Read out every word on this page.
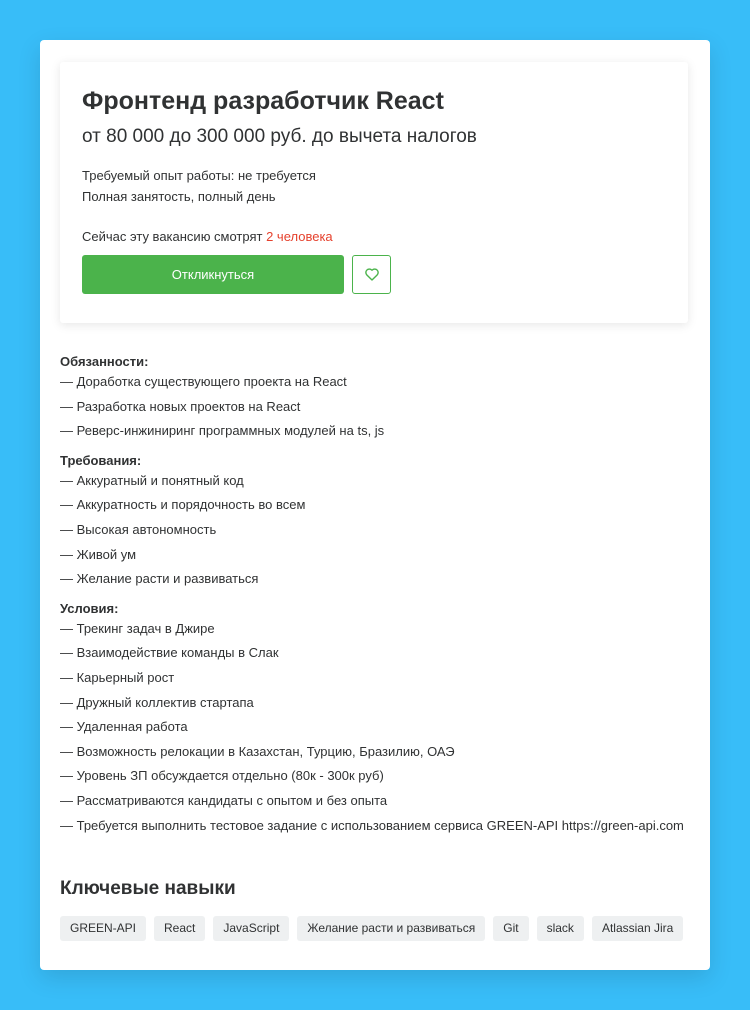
Фронтенд разработчик React

от 80 000 до 300 000 руб. до вычета налогов

Требуемый опыт работы: не требуется
Полная занятость, полный день
Сейчас эту вакансию смотрят 2 человека
Откликнуться
Обязанности:
— Доработка существующего проекта на React
— Разработка новых проектов на React
— Реверс-инжиниринг программных модулей на ts, js
Требования:
— Аккуратный и понятный код
— Аккуратность и порядочность во всем
— Высокая автономность
— Живой ум
— Желание расти и развиваться
Условия:
— Трекинг задач в Джире
— Взаимодействие команды в Слак
— Карьерный рост
— Дружный коллектив стартапа
— Удаленная работа
— Возможность релокации в Казахстан, Турцию, Бразилию, ОАЭ
— Уровень ЗП обсуждается отдельно (80к - 300к руб)
— Рассматриваются кандидаты с опытом и без опыта
— Требуется выполнить тестовое задание с использованием сервиса GREEN-API https://green-api.com
Ключевые навыки
GREEN-API	React	JavaScript	Желание расти и развиваться	Git	slack	Atlassian Jira
